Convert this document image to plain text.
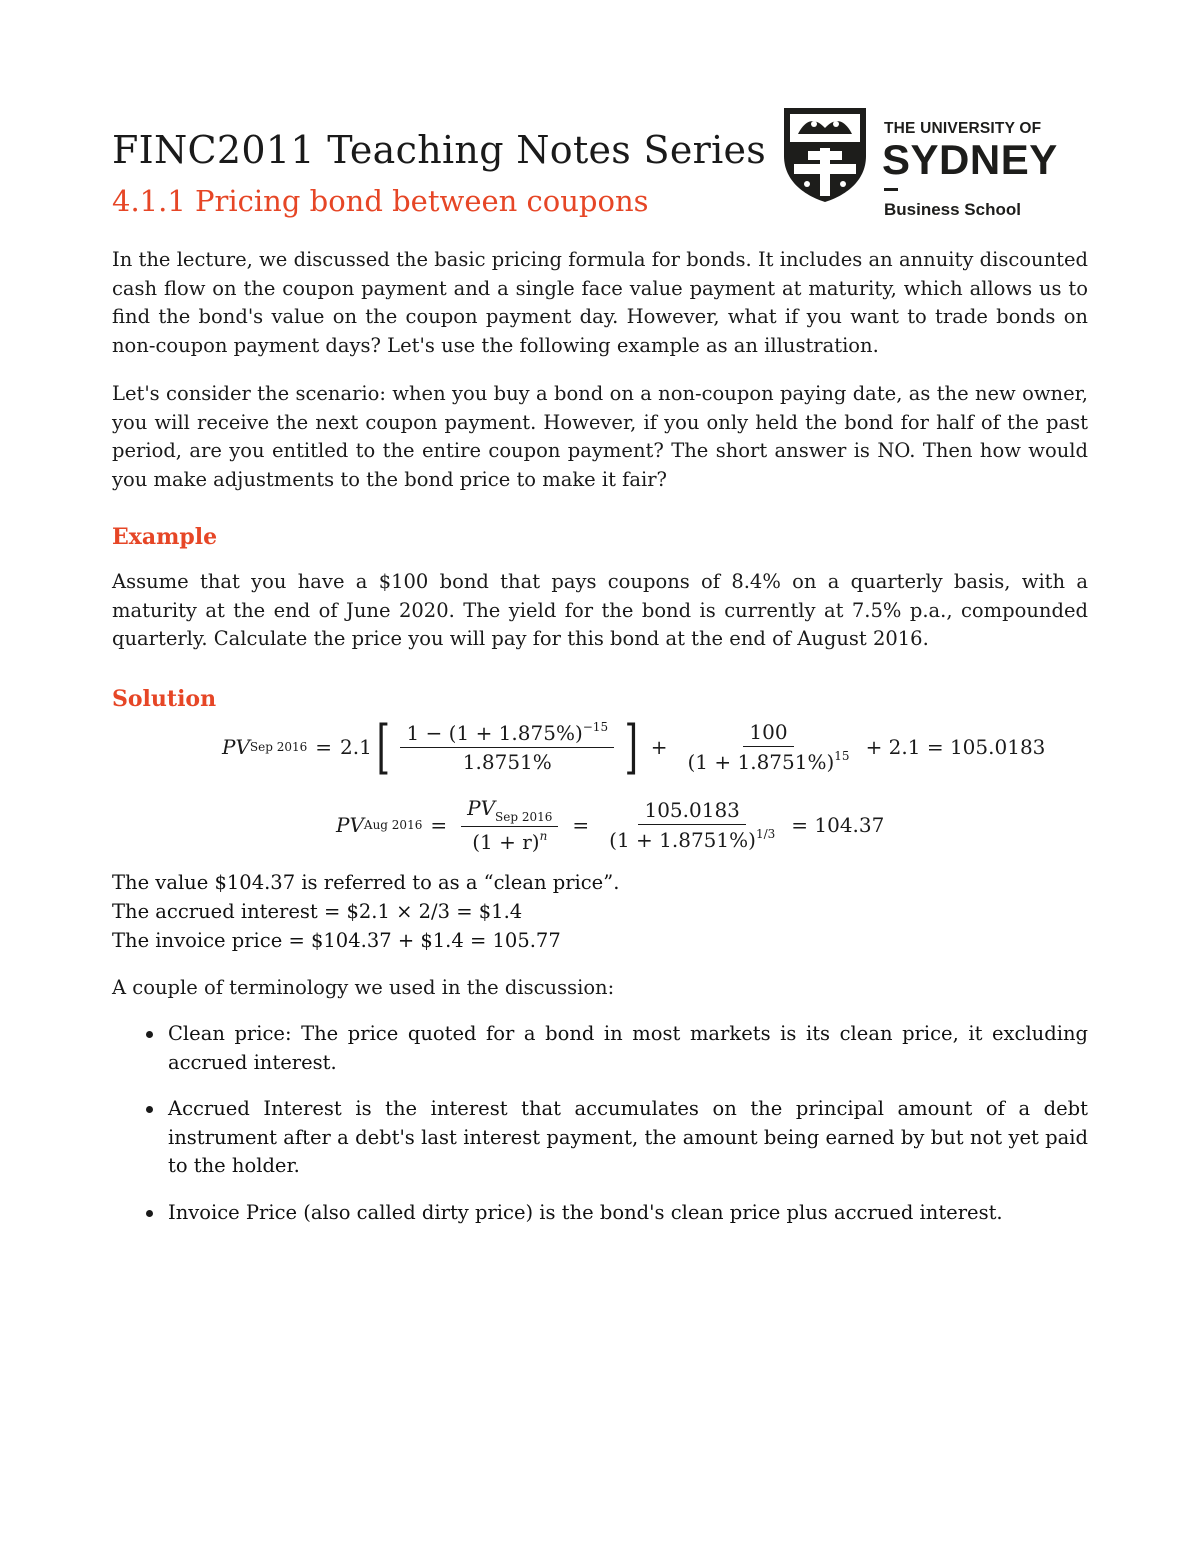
FINC2011 Teaching Notes Series
4.1.1 Pricing bond between coupons
THE UNIVERSITY OF
SYDNEY
Business School

In the lecture, we discussed the basic pricing formula for bonds. It includes an annuity discounted cash flow on the coupon payment and a single face value payment at maturity, which allows us to find the bond's value on the coupon payment day. However, what if you want to trade bonds on non-coupon payment days? Let's use the following example as an illustration.

Let's consider the scenario: when you buy a bond on a non-coupon paying date, as the new owner, you will receive the next coupon payment. However, if you only held the bond for half of the past period, are you entitled to the entire coupon payment? The short answer is NO. Then how would you make adjustments to the bond price to make it fair?

Example

Assume that you have a $100 bond that pays coupons of 8.4% on a quarterly basis, with a maturity at the end of June 2020. The yield for the bond is currently at 7.5% p.a., compounded quarterly. Calculate the price you will pay for this bond at the end of August 2016.

Solution
PV Sep 2016 = 2.1 [ $\frac{1 - (1 + 1.875\%)^{-15}}{1.8751\%}$ ] + $\frac{100}{(1 + 1.8751\%)^{15}} + 2.1 = 105.0183$
PV Aug $2016 = \frac{PV_{Sep 2016}}{(1 + r)^n} = \frac{105.0183}{(1 + 1.8751\%)^{1/3}} = 104.37$
The value $104.37 is referred to as a “clean price”.
The accrued interest = $2.1 × 2/3 = $1.4
The invoice price = $104.37 + $1.4 = 105.77

A couple of terminology we used in the discussion:

Clean price: The price quoted for a bond in most markets is its clean price, it excluding accrued interest.
Accrued Interest is the interest that accumulates on the principal amount of a debt instrument after a debt's last interest payment, the amount being earned by but not yet paid to the holder.
Invoice Price (also called dirty price) is the bond's clean price plus accrued interest.
